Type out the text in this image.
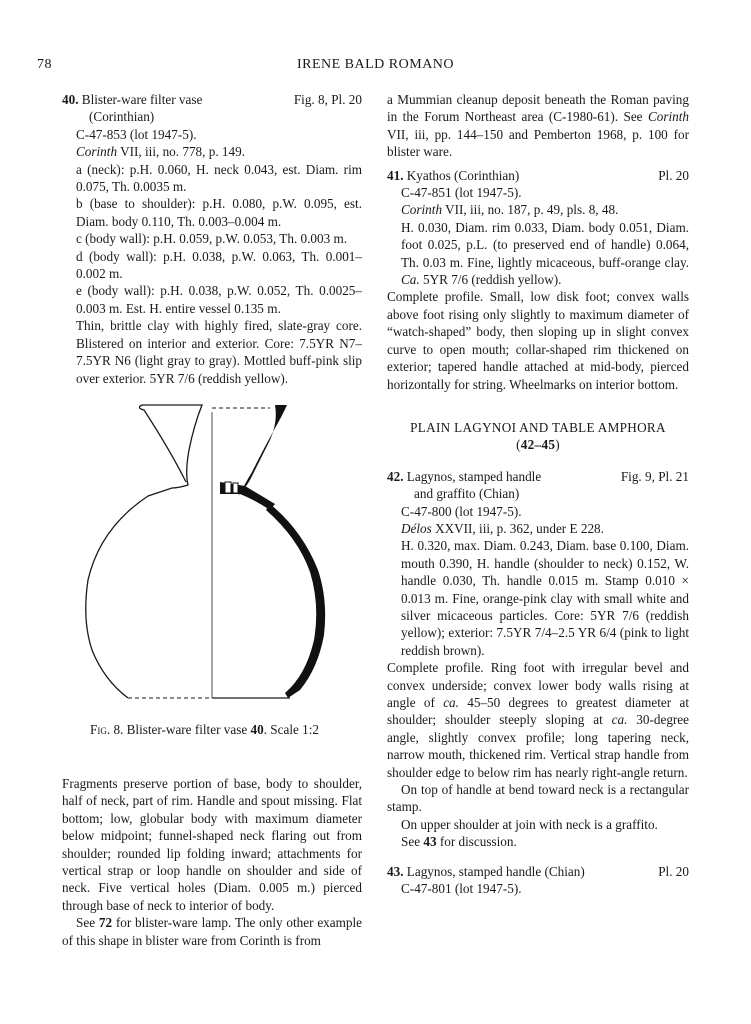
78	IRENE BALD ROMANO
40. Blister-ware filter vase	Fig. 8, Pl. 20

(Corinthian)

C-47-853 (lot 1947-5).

Corinth VII, iii, no. 778, p. 149.

a (neck): p.H. 0.060, H. neck 0.043, est. Diam. rim 0.075, Th. 0.0035 m.

b (base to shoulder): p.H. 0.080, p.W. 0.095, est. Diam. body 0.110, Th. 0.003–0.004 m.

c (body wall): p.H. 0.059, p.W. 0.053, Th. 0.003 m.

d (body wall): p.H. 0.038, p.W. 0.063, Th. 0.001–0.002 m.

e (body wall): p.H. 0.038, p.W. 0.052, Th. 0.0025–0.003 m. Est. H. entire vessel 0.135 m.

Thin, brittle clay with highly fired, slate-gray core. Blistered on interior and exterior. Core: 7.5YR N7–7.5YR N6 (light gray to gray). Mottled buff-pink slip over exterior. 5YR 7/6 (reddish yellow).

Fig. 8. Blister-ware filter vase 40. Scale 1:2

Fragments preserve portion of base, body to shoulder, half of neck, part of rim. Handle and spout missing. Flat bottom; low, globular body with maximum diameter below midpoint; funnel-shaped neck flaring out from shoulder; rounded lip folding inward; attachments for vertical strap or loop handle on shoulder and side of neck. Five vertical holes (Diam. 0.005 m.) pierced through base of neck to interior of body.

See 72 for blister-ware lamp. The only other example of this shape in blister ware from Corinth is from

a Mummian cleanup deposit beneath the Roman paving in the Forum Northeast area (C-1980-61). See Corinth VII, iii, pp. 144–150 and Pemberton 1968, p. 100 for blister ware.

41. Kyathos (Corinthian)	Pl. 20

C-47-851 (lot 1947-5).

Corinth VII, iii, no. 187, p. 49, pls. 8, 48.

H. 0.030, Diam. rim 0.033, Diam. body 0.051, Diam. foot 0.025, p.L. (to preserved end of handle) 0.064, Th. 0.03 m. Fine, lightly micaceous, buff-orange clay. Ca. 5YR 7/6 (reddish yellow).

Complete profile. Small, low disk foot; convex walls above foot rising only slightly to maximum diameter of “watch-shaped” body, then sloping up in slight convex curve to open mouth; collar-shaped rim thickened on exterior; tapered handle attached at mid-body, pierced horizontally for string. Wheelmarks on interior bottom.

PLAIN LAGYNOI AND TABLE AMPHORA

(42–45)

42. Lagynos, stamped handle	Fig. 9, Pl. 21

and graffito (Chian)

C-47-800 (lot 1947-5).

Délos XXVII, iii, p. 362, under E 228.

H. 0.320, max. Diam. 0.243, Diam. base 0.100, Diam. mouth 0.390, H. handle (shoulder to neck) 0.152, W. handle 0.030, Th. handle 0.015 m. Stamp 0.010 × 0.013 m. Fine, orange-pink clay with small white and silver micaceous particles. Core: 5YR 7/6 (reddish yellow); exterior: 7.5YR 7/4–2.5 YR 6/4 (pink to light reddish brown).

Complete profile. Ring foot with irregular bevel and convex underside; convex lower body walls rising at angle of ca. 45–50 degrees to greatest diameter at shoulder; shoulder steeply sloping at ca. 30-degree angle, slightly convex profile; long tapering neck, narrow mouth, thickened rim. Vertical strap handle from shoulder edge to below rim has nearly right-angle return.

On top of handle at bend toward neck is a rectangular stamp.

On upper shoulder at join with neck is a graffito.

See 43 for discussion.

43. Lagynos, stamped handle (Chian)	Pl. 20

C-47-801 (lot 1947-5).
